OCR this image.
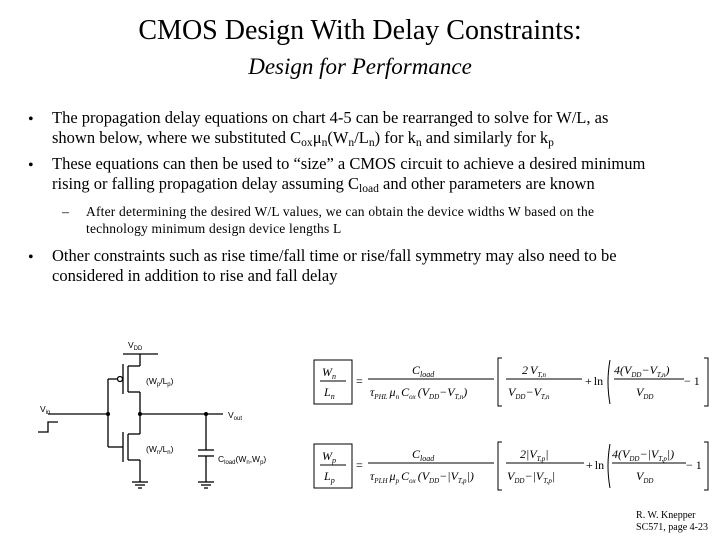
CMOS Design With Delay Constraints:
Design for Performance
• The propagation delay equations on chart 4-5 can be rearranged to solve for W/L, as
shown below, where we substituted $C_{ox}\mu_n(W_n/L_n)$ for $k_n$ and similarly for $k_p$
• These equations can then be used to “size” a CMOS circuit to achieve a desired minimum
rising or falling propagation delay assuming $C_{load}$ and other parameters are known
– After determining the desired W/L values, we can obtain the device widths W based on the
technology minimum design device lengths L
• Other constraints such as rise time/fall time or rise/fall symmetry may also need to be
considered in addition to rise and fall delay
$V_{DD}$
$(W_p/L_p)$
$(W_n/L_n)$
$V_{in}$	$V_{out}$
$C_{load}(W_n,W_p)$
$W_n$
$L_n$
=
$C_{load}$
$\tau_{PHL}$ $\mu_n$ $C_{ox}$ $(V_{DD}-V_{T,n})$
2 $V_{T,n}$
$V_{DD}-V_{T,n}$
+ ln
$4(V_{DD}-V_{T,n})$
$V_{DD}$
− 1
$W_p$
$L_p$
=
$C_{load}$
$\tau_{PLH}$ $\mu_p$ $C_{ox}$ $(V_{DD}-|V_{T,p}|)$
$2|V_{T,p}|$
$V_{DD}-|V_{T,p}|$
+ ln
$4(V_{DD}-|V_{T,p}|)$
$V_{DD}$
− 1
R. W. Knepper
SC571, page 4-23
